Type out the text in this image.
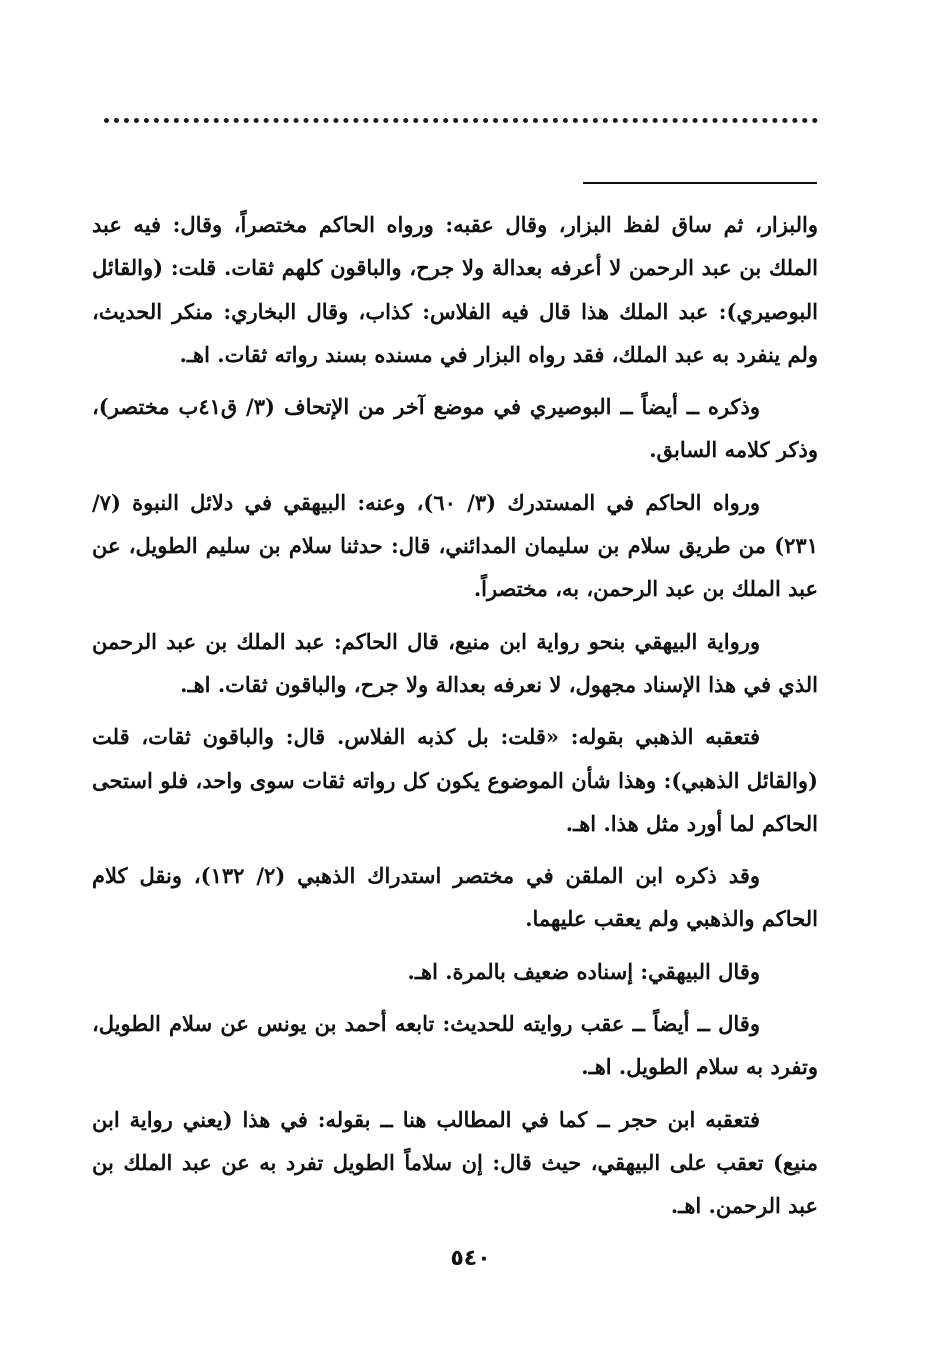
والبزار، ثم ساق لفظ البزار، وقال عقبه: ورواه الحاكم مختصراً، وقال: فيه عبد الملك بن عبد الرحمن لا أعرفه بعدالة ولا جرح، والباقون كلهم ثقات. قلت: (والقائل البوصيري): عبد الملك هذا قال فيه الفلاس: كذاب، وقال البخاري: منكر الحديث، ولم ينفرد به عبد الملك، فقد رواه البزار في مسنده بسند رواته ثقات. اهـ.

وذكره ــ أيضاً ــ البوصيري في موضع آخر من الإتحاف (٣/ ق٤١ب مختصر)، وذكر كلامه السابق.

ورواه الحاكم في المستدرك (٣/ ٦٠)، وعنه: البيهقي في دلائل النبوة (٧/ ٢٣١) من طريق سلام بن سليمان المدائني، قال: حدثنا سلام بن سليم الطويل، عن عبد الملك بن عبد الرحمن، به، مختصراً.

ورواية البيهقي بنحو رواية ابن منيع، قال الحاكم: عبد الملك بن عبد الرحمن الذي في هذا الإسناد مجهول، لا نعرفه بعدالة ولا جرح، والباقون ثقات. اهـ.

فتعقبه الذهبي بقوله: «قلت: بل كذبه الفلاس. قال: والباقون ثقات، قلت (والقائل الذهبي): وهذا شأن الموضوع يكون كل رواته ثقات سوى واحد، فلو استحى الحاكم لما أورد مثل هذا. اهـ.

وقد ذكره ابن الملقن في مختصر استدراك الذهبي (٢/ ١٣٢)، ونقل كلام الحاكم والذهبي ولم يعقب عليهما.

وقال البيهقي: إسناده ضعيف بالمرة. اهـ.

وقال ــ أيضاً ــ عقب روايته للحديث: تابعه أحمد بن يونس عن سلام الطويل، وتفرد به سلام الطويل. اهـ.

فتعقبه ابن حجر ــ كما في المطالب هنا ــ بقوله: في هذا (يعني رواية ابن منيع) تعقب على البيهقي، حيث قال: إن سلاماً الطويل تفرد به عن عبد الملك بن عبد الرحمن. اهـ.

٥٤٠
